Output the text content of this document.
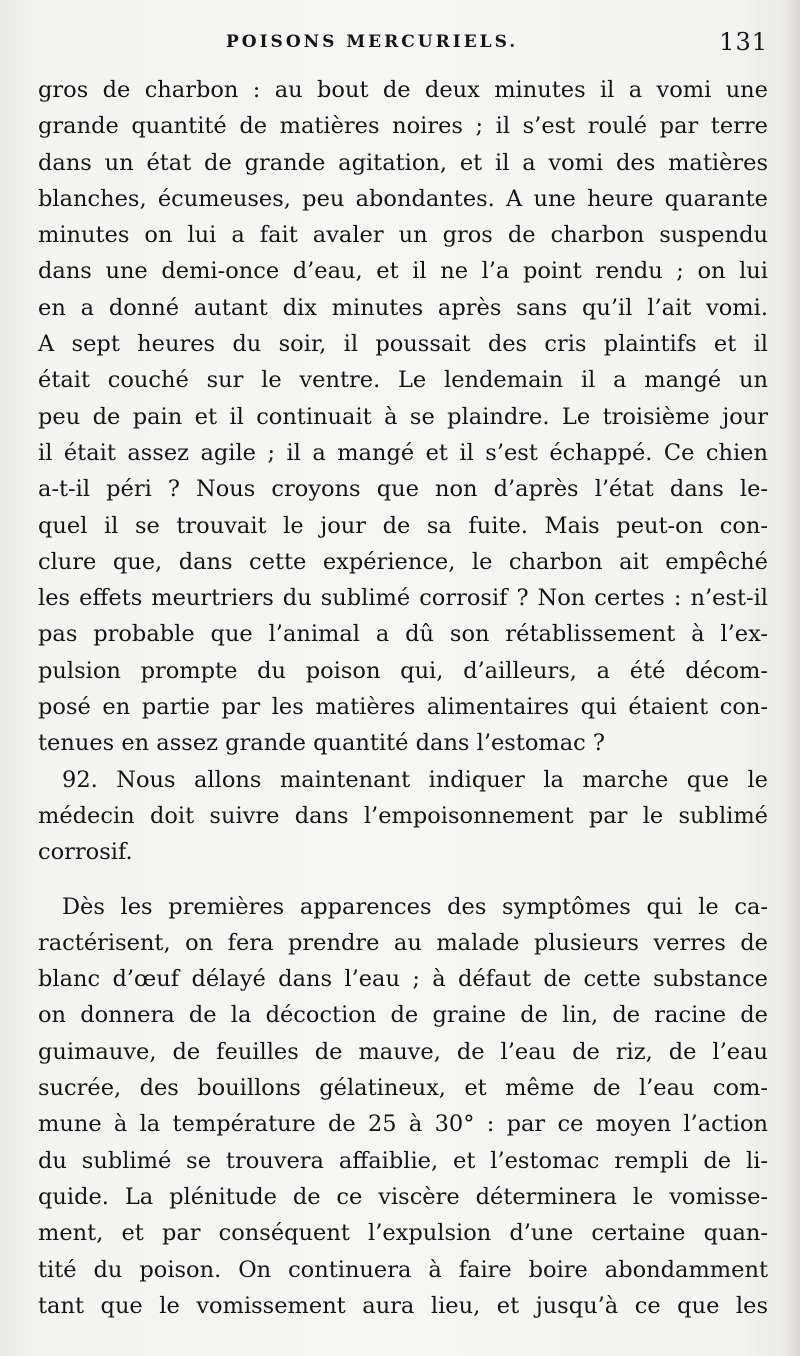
POISONS MERCURIELS.	131
gros de charbon : au bout de deux minutes il a vomi une
grande quantité de matières noires ; il s’est roulé par terre
dans un état de grande agitation, et il a vomi des matières
blanches, écumeuses, peu abondantes. A une heure quarante
minutes on lui a fait avaler un gros de charbon suspendu
dans une demi-once d’eau, et il ne l’a point rendu ; on lui
en a donné autant dix minutes après sans qu’il l’ait vomi.
A sept heures du soir, il poussait des cris plaintifs et il
était couché sur le ventre. Le lendemain il a mangé un
peu de pain et il continuait à se plaindre. Le troisième jour
il était assez agile ; il a mangé et il s’est échappé. Ce chien
a-t-il péri ? Nous croyons que non d’après l’état dans le-
quel il se trouvait le jour de sa fuite. Mais peut-on con-
clure que, dans cette expérience, le charbon ait empêché
les effets meurtriers du sublimé corrosif ? Non certes : n’est-il
pas probable que l’animal a dû son rétablissement à l’ex-
pulsion prompte du poison qui, d’ailleurs, a été décom-
posé en partie par les matières alimentaires qui étaient con-
tenues en assez grande quantité dans l’estomac ?
92. Nous allons maintenant indiquer la marche que le
médecin doit suivre dans l’empoisonnement par le sublimé
corrosif.
Dès les premières apparences des symptômes qui le ca-
ractérisent, on fera prendre au malade plusieurs verres de
blanc d’œuf délayé dans l’eau ; à défaut de cette substance
on donnera de la décoction de graine de lin, de racine de
guimauve, de feuilles de mauve, de l’eau de riz, de l’eau
sucrée, des bouillons gélatineux, et même de l’eau com-
mune à la température de 25 à 30° : par ce moyen l’action
du sublimé se trouvera affaiblie, et l’estomac rempli de li-
quide. La plénitude de ce viscère déterminera le vomisse-
ment, et par conséquent l’expulsion d’une certaine quan-
tité du poison. On continuera à faire boire abondamment
tant que le vomissement aura lieu, et jusqu’à ce que les
